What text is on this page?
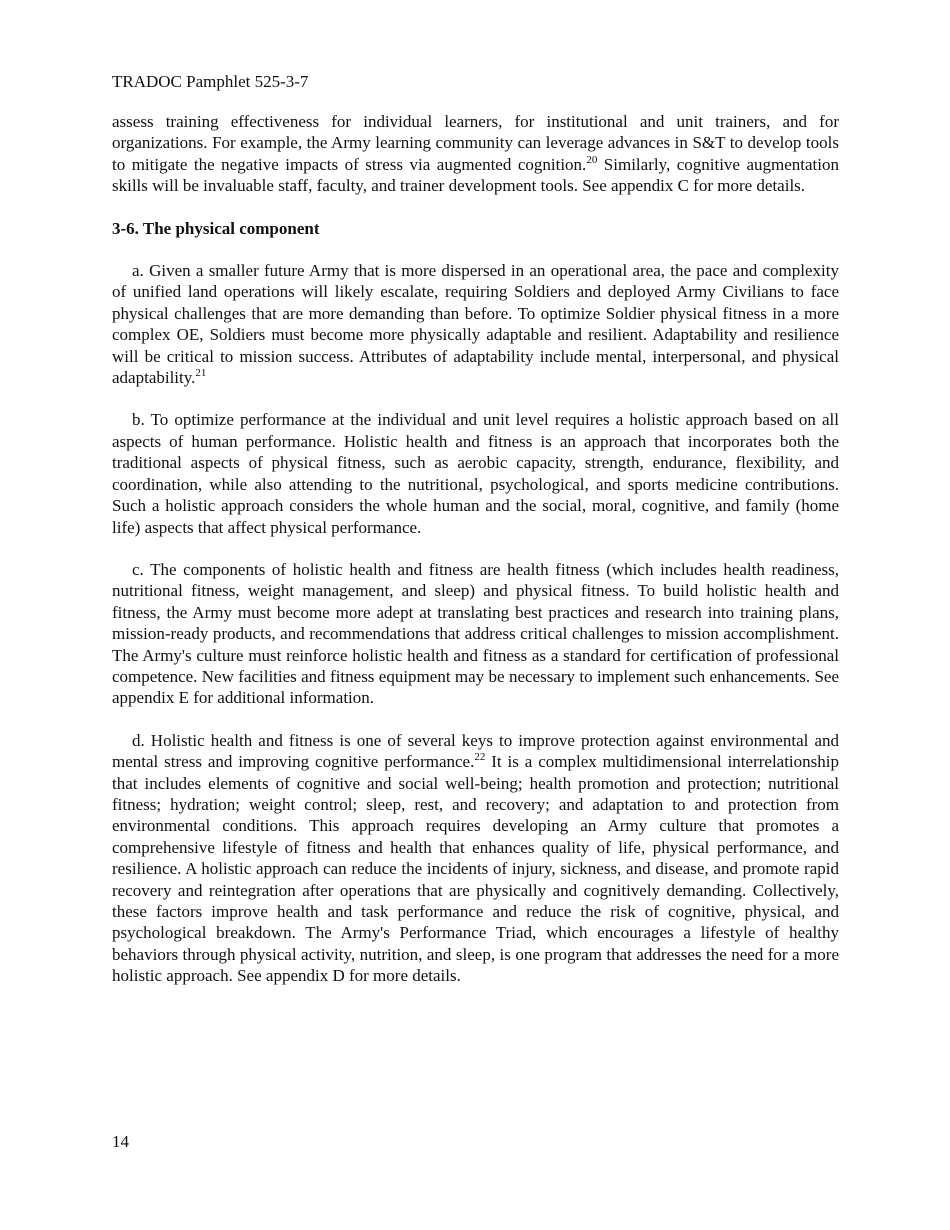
TRADOC Pamphlet 525-3-7

assess training effectiveness for individual learners, for institutional and unit trainers, and for organizations. For example, the Army learning community can leverage advances in S&T to develop tools to mitigate the negative impacts of stress via augmented cognition.$^{20}$ Similarly, cognitive augmentation skills will be invaluable staff, faculty, and trainer development tools. See appendix C for more details.

3-6. The physical component

a. Given a smaller future Army that is more dispersed in an operational area, the pace and complexity of unified land operations will likely escalate, requiring Soldiers and deployed Army Civilians to face physical challenges that are more demanding than before. To optimize Soldier physical fitness in a more complex OE, Soldiers must become more physically adaptable and resilient. Adaptability and resilience will be critical to mission success. Attributes of adaptability include mental, interpersonal, and physical adaptability.$^{21}$

b. To optimize performance at the individual and unit level requires a holistic approach based on all aspects of human performance. Holistic health and fitness is an approach that incorporates both the traditional aspects of physical fitness, such as aerobic capacity, strength, endurance, flexibility, and coordination, while also attending to the nutritional, psychological, and sports medicine contributions. Such a holistic approach considers the whole human and the social, moral, cognitive, and family (home life) aspects that affect physical performance.

c. The components of holistic health and fitness are health fitness (which includes health readiness, nutritional fitness, weight management, and sleep) and physical fitness. To build holistic health and fitness, the Army must become more adept at translating best practices and research into training plans, mission-ready products, and recommendations that address critical challenges to mission accomplishment. The Army's culture must reinforce holistic health and fitness as a standard for certification of professional competence. New facilities and fitness equipment may be necessary to implement such enhancements. See appendix E for additional information.

d. Holistic health and fitness is one of several keys to improve protection against environmental and mental stress and improving cognitive performance.$^{22}$ It is a complex multidimensional interrelationship that includes elements of cognitive and social well-being; health promotion and protection; nutritional fitness; hydration; weight control; sleep, rest, and recovery; and adaptation to and protection from environmental conditions. This approach requires developing an Army culture that promotes a comprehensive lifestyle of fitness and health that enhances quality of life, physical performance, and resilience. A holistic approach can reduce the incidents of injury, sickness, and disease, and promote rapid recovery and reintegration after operations that are physically and cognitively demanding. Collectively, these factors improve health and task performance and reduce the risk of cognitive, physical, and psychological breakdown. The Army's Performance Triad, which encourages a lifestyle of healthy behaviors through physical activity, nutrition, and sleep, is one program that addresses the need for a more holistic approach. See appendix D for more details.

14
